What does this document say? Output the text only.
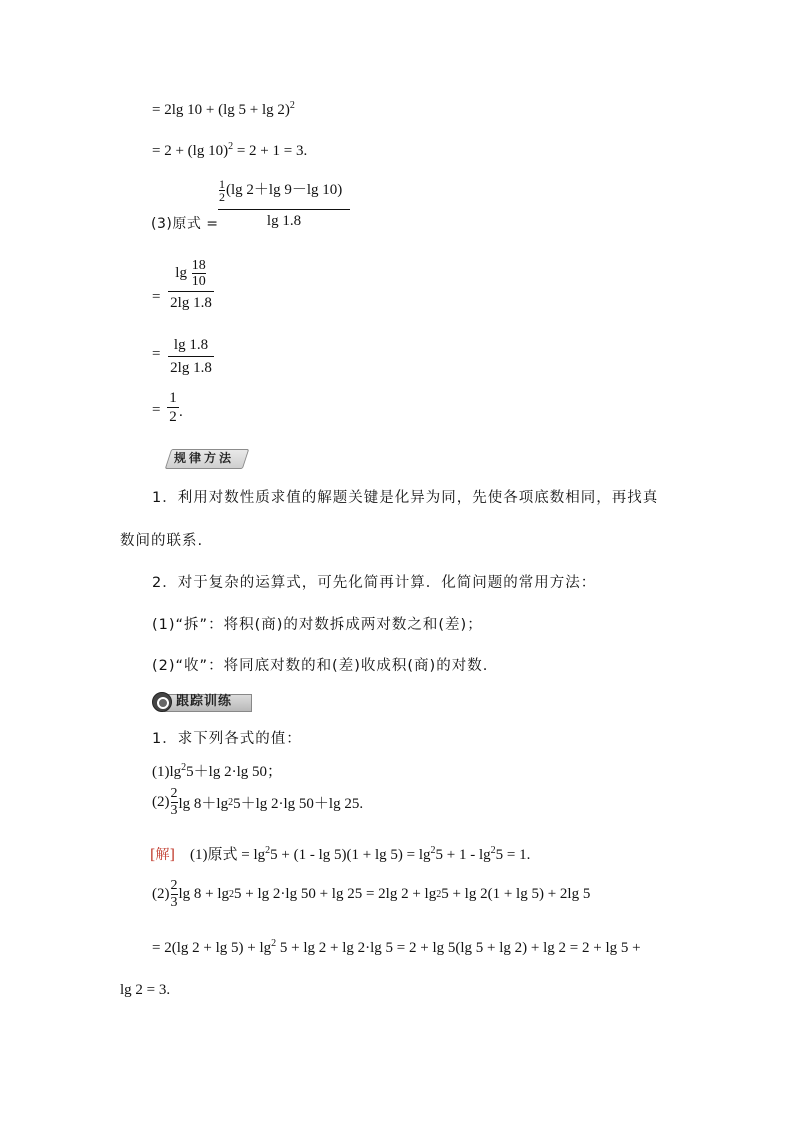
= 2lg 10 + (lg 5 + lg 2)$^2$
= 2 + (lg 10)$^2$ = 2 + 1 = 3.
(3)原式 =
$\frac{1}{2} (\lg$ 2＋lg 9－lg 10)
lg 1.8
=
$\lg \frac{18}{10}$
2lg 1.8
=
lg 1.8
2lg 1.8
=
1
2 .
规律方法
1．利用对数性质求值的解题关键是化异为同，先使各项底数相同，再找真
数间的联系.
2．对于复杂的运算式，可先化简再计算．化简问题的常用方法：
(1)“拆”：将积(商)的对数拆成两对数之和(差)；
(2)“收”：将同底对数的和(差)收成积(商)的对数.
跟踪训练
1．求下列各式的值：
$(1)\lg^25+\lg$ 2·lg 50；
$(2) \frac{2}{3}$ lg 8＋lg 2 5＋lg 2·lg 50＋lg 25.
[解] (1)原式 = $\lg^25 + (1 - \lg 5)(1 + \lg 5) = \lg^25 + 1 - \lg^25 = 1$.
$(2) \frac{2}{3}$ lg 8 + lg 2 5 + lg 2·lg 50 + lg 25 = 2lg 2 + lg 2 5 + lg 2(1 + lg 5) + 2lg 5
= 2(lg $2 + \lg 5) + \lg^2 5 + \lg 2 + \lg 2\cdot\lg$ 5 = 2 + lg 5(lg 5 + lg 2) + lg 2 = 2 + lg 5 +
lg 2 = 3.
